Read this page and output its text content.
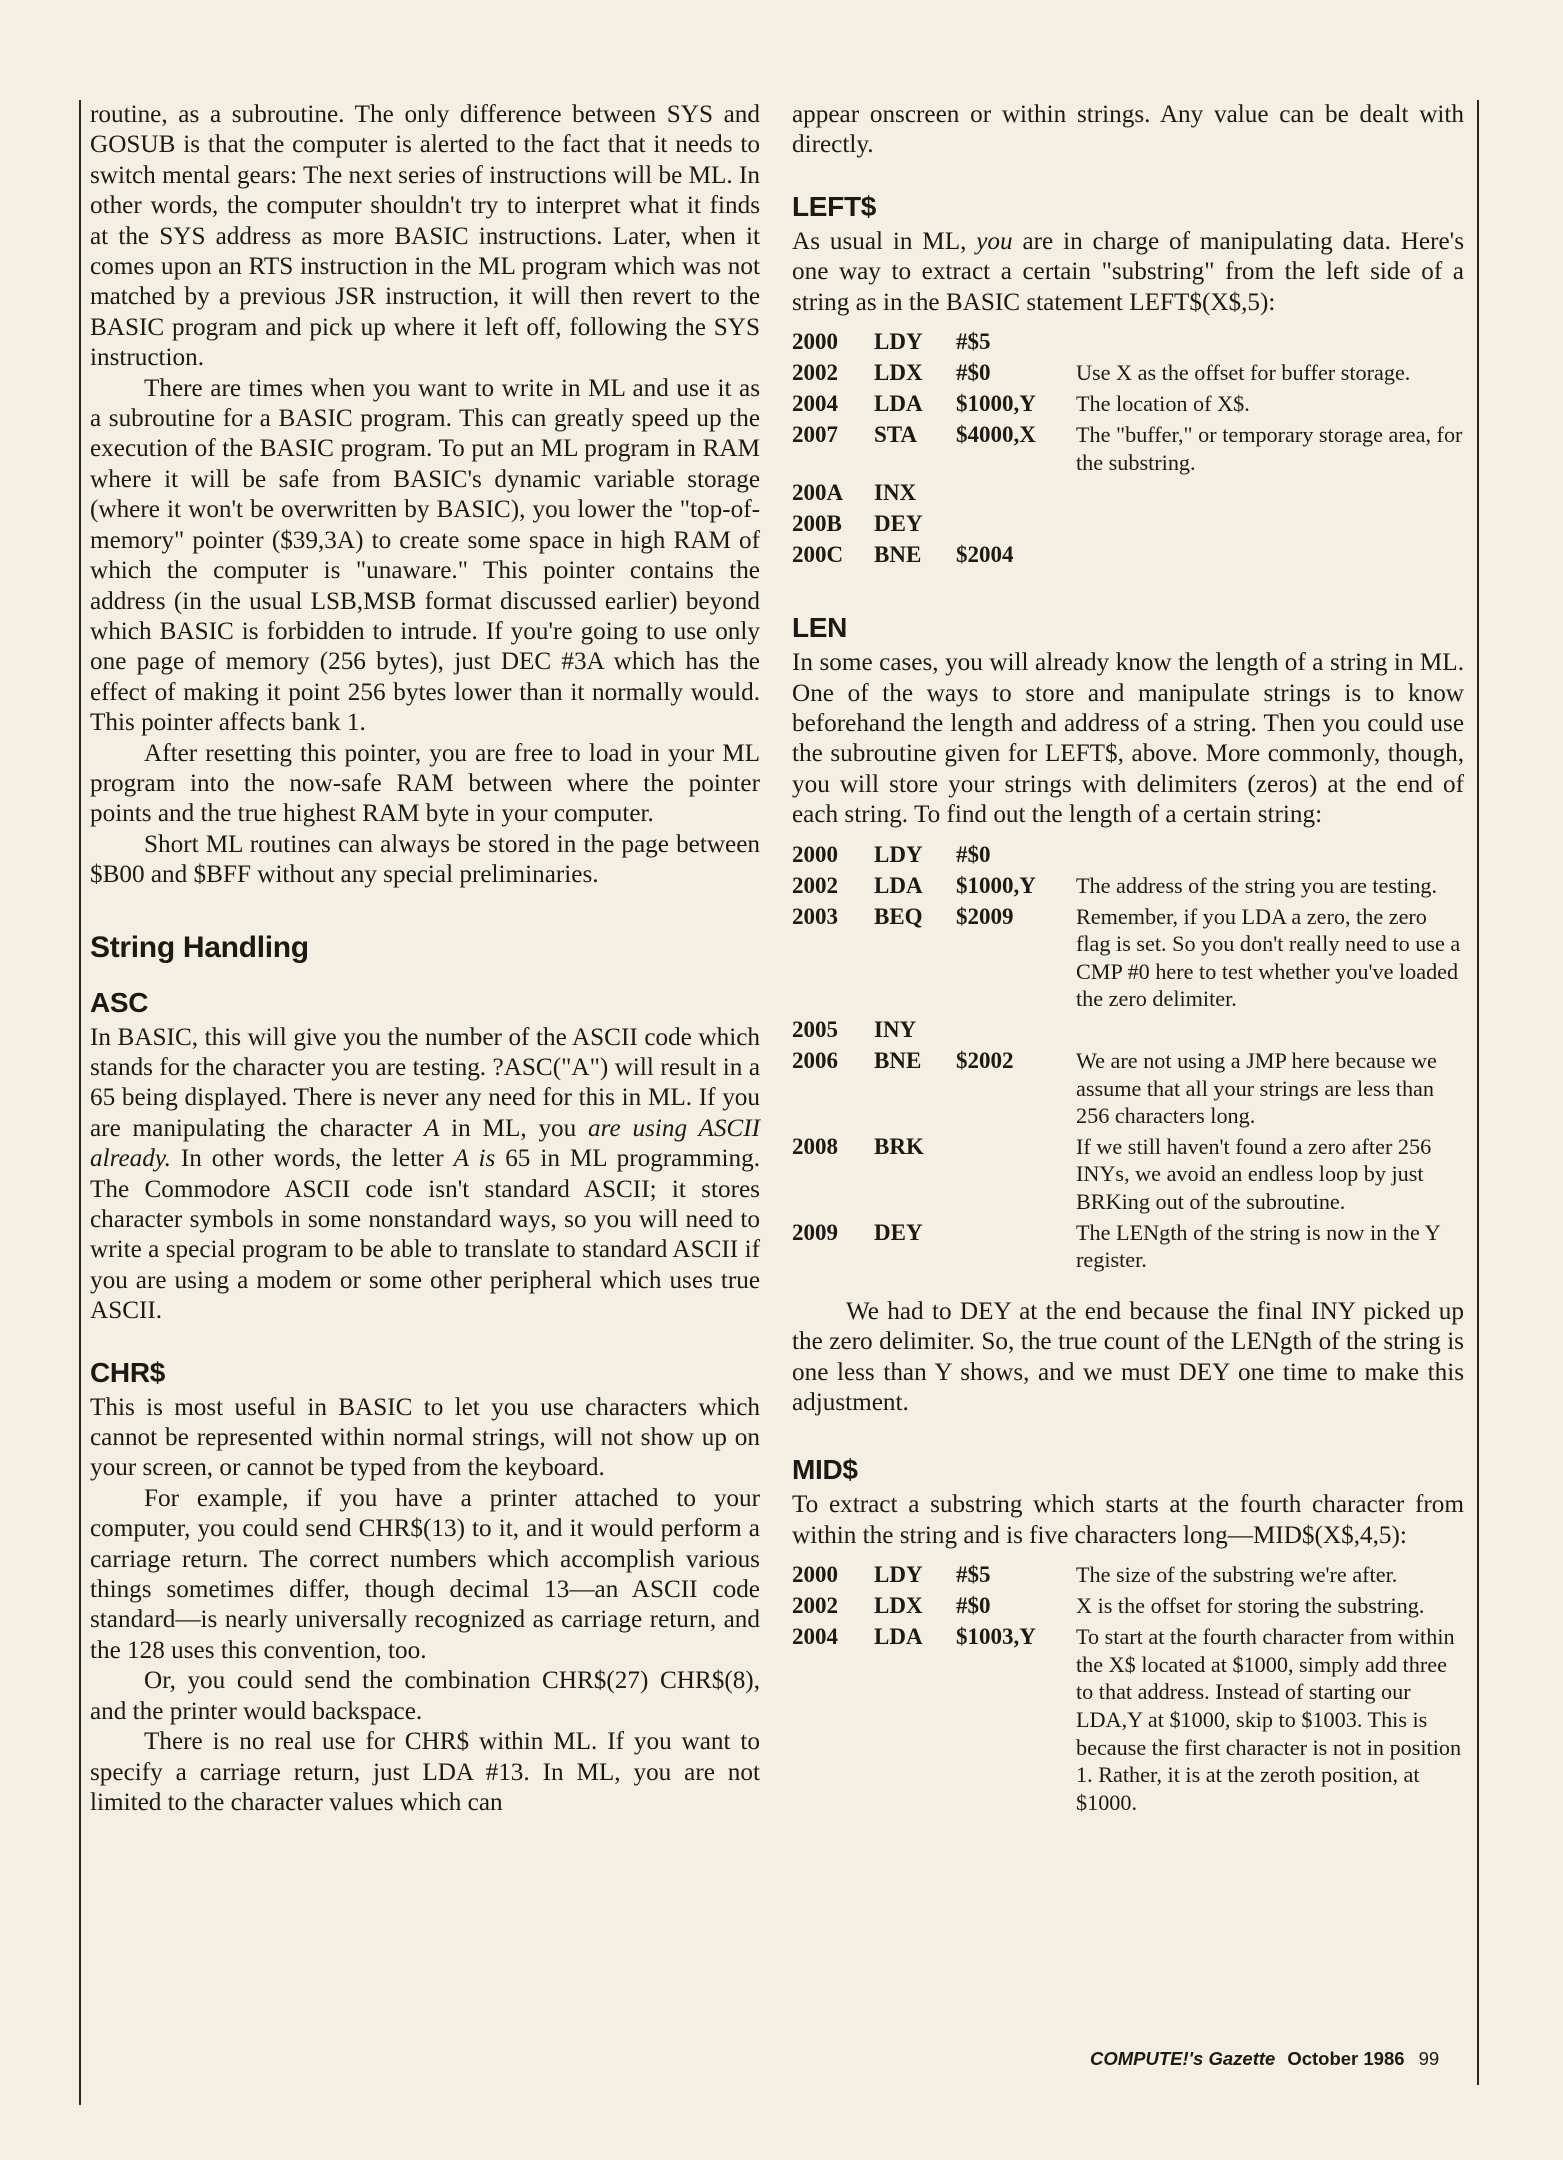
routine, as a subroutine. The only difference between SYS and GOSUB is that the computer is alerted to the fact that it needs to switch mental gears: The next series of instructions will be ML. In other words, the computer shouldn't try to interpret what it finds at the SYS address as more BASIC instructions. Later, when it comes upon an RTS instruction in the ML program which was not matched by a previous JSR instruction, it will then revert to the BASIC program and pick up where it left off, following the SYS instruction.

There are times when you want to write in ML and use it as a subroutine for a BASIC program. This can greatly speed up the execution of the BASIC program. To put an ML program in RAM where it will be safe from BASIC's dynamic variable storage (where it won't be overwritten by BASIC), you lower the "top-of-memory" pointer ($39,3A) to create some space in high RAM of which the computer is "unaware." This pointer contains the address (in the usual LSB,MSB format discussed earlier) beyond which BASIC is forbidden to intrude. If you're going to use only one page of memory (256 bytes), just DEC #3A which has the effect of making it point 256 bytes lower than it normally would. This pointer affects bank 1.

After resetting this pointer, you are free to load in your ML program into the now-safe RAM between where the pointer points and the true highest RAM byte in your computer.

Short ML routines can always be stored in the page between $B00 and $BFF without any special preliminaries.

String Handling
ASC

In BASIC, this will give you the number of the ASCII code which stands for the character you are testing. ?ASC("A") will result in a 65 being displayed. There is never any need for this in ML. If you are manipulating the character A in ML, you are using ASCII already. In other words, the letter A is 65 in ML programming. The Commodore ASCII code isn't standard ASCII; it stores character symbols in some nonstandard ways, so you will need to write a special program to be able to translate to standard ASCII if you are using a modem or some other peripheral which uses true ASCII.

CHR$

This is most useful in BASIC to let you use characters which cannot be represented within normal strings, will not show up on your screen, or cannot be typed from the keyboard.

For example, if you have a printer attached to your computer, you could send CHR$(13) to it, and it would perform a carriage return. The correct numbers which accomplish various things sometimes differ, though decimal 13—an ASCII code standard—is nearly universally recognized as carriage return, and the 128 uses this convention, too.

Or, you could send the combination CHR$(27) CHR$(8), and the printer would backspace.

There is no real use for CHR$ within ML. If you want to specify a carriage return, just LDA #13. In ML, you are not limited to the character values which can

appear onscreen or within strings. Any value can be dealt with directly.

LEFT$

As usual in ML, you are in charge of manipulating data. Here's one way to extract a certain "substring" from the left side of a string as in the BASIC statement LEFT$(X$,5):

2000	LDY	#$5	
2002	LDX	#$0	Use X as the offset for buffer storage.
2004	LDA	$1000,Y	The location of X$.
2007	STA	$4000,X	The "buffer," or temporary storage area, for the substring.
200A	INX		
200B	DEY		
200C	BNE	$2004	
LEN

In some cases, you will already know the length of a string in ML. One of the ways to store and manipulate strings is to know beforehand the length and address of a string. Then you could use the subroutine given for LEFT$, above. More commonly, though, you will store your strings with delimiters (zeros) at the end of each string. To find out the length of a certain string:

2000	LDY	#$0	
2002	LDA	$1000,Y	The address of the string you are testing.
2003	BEQ	$2009	Remember, if you LDA a zero, the zero flag is set. So you don't really need to use a CMP #0 here to test whether you've loaded the zero delimiter.
2005	INY		
2006	BNE	$2002	We are not using a JMP here because we assume that all your strings are less than 256 characters long.
2008	BRK		If we still haven't found a zero after 256 INYs, we avoid an endless loop by just BRKing out of the subroutine.
2009	DEY		The LENgth of the string is now in the Y register.

We had to DEY at the end because the final INY picked up the zero delimiter. So, the true count of the LENgth of the string is one less than Y shows, and we must DEY one time to make this adjustment.

MID$

To extract a substring which starts at the fourth character from within the string and is five characters long—MID$(X$,4,5):

2000	LDY	#$5	The size of the substring we're after.
2002	LDX	#$0	X is the offset for storing the substring.
2004	LDA	$1003,Y	To start at the fourth character from within the X$ located at $1000, simply add three to that address. Instead of starting our LDA,Y at $1000, skip to $1003. This is because the first character is not in position 1. Rather, it is at the zeroth position, at $1000.
COMPUTE!'s Gazette October 1986 99
